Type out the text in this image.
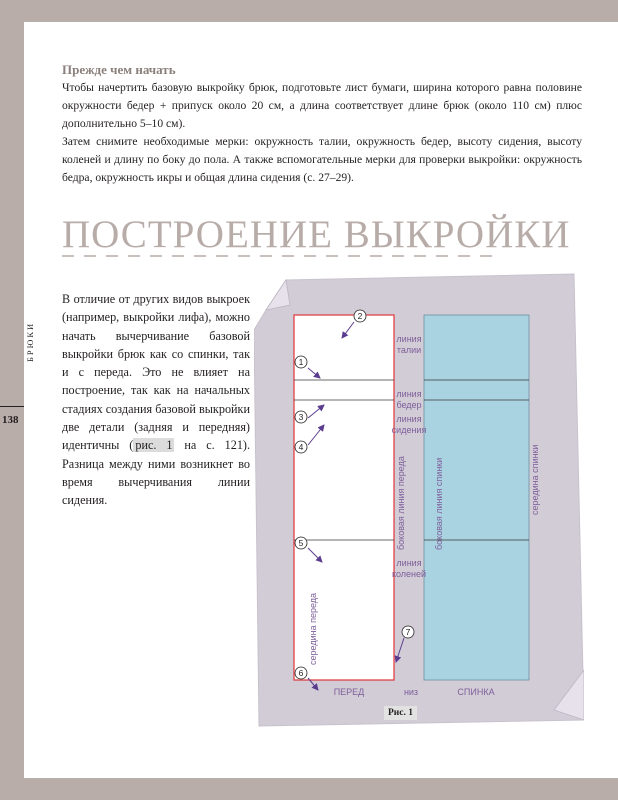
Прежде чем начать

Чтобы начертить базовую выкройку брюк, подготовьте лист бумаги, ширина которого равна половине окружности бедер + припуск около 20 см, а длина соответствует длине брюк (около 110 см) плюс дополнительно 5–10 см).

Затем снимите необходимые мерки: окружность талии, окружность бедер, высоту сидения, высоту коленей и длину по боку до пола. А также вспомогательные мерки для проверки выкройки: окружность бедра, окружность икры и общая длина сидения (с. 27–29).

ПОСТРОЕНИЕ ВЫКРОЙКИ
БРЮКИ
138

В отличие от других видов выкроек (например, выкройки лифа), можно начать вычерчивание базовой выкройки брюк как со спинки, так и с переда. Это не влияет на построение, так как на начальных стадиях создания базовой выкройки две детали (задняя и передняя) идентичны ( рис. 1 на с. 121). Разница между ними возникнет во время вычерчивания линии сидения.

линия
талии
линия
бедер
линия
сидения
линия
коленей
ПЕРЕД	низ	СПИНКА
боковая линия переда	боковая линия спинки	середина спинки
середина переда
1
2
3
4
5
6
7
Рис. 1
